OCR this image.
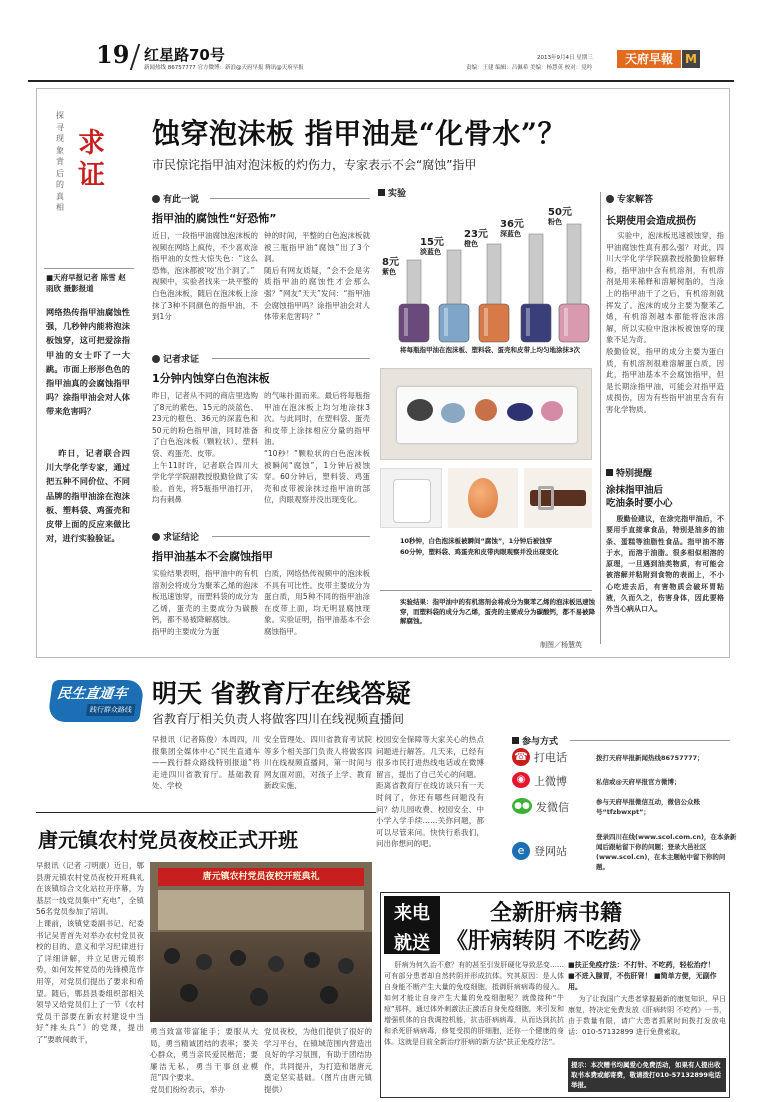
19 红星路70号
新闻热线 86757777 官方微博：新浪@天府早报 腾讯@天府早报
2013年9月4日 星期三
责编：王建 编辑：吕佩希 美编：杨慧英 校对：党吟
天府早報	M
探寻现象背后的真相
求证
■天府早报记者 陈雪 赵雨欣 摄影报道
网络热传指甲油腐蚀性强，几秒钟内能将泡沫板蚀穿，这可把爱涂指甲油的女士吓了一大跳。市面上形形色色的指甲油真的会腐蚀指甲吗？涂指甲油会对人体带来危害吗？
昨日，记者联合四川大学化学专家，通过把五种不同价位、不同品牌的指甲油涂在泡沫板、塑料袋、鸡蛋壳和皮带上面的反应来做比对，进行实验验证。
蚀穿泡沫板 指甲油是“化骨水”？
市民惊诧指甲油对泡沫板的灼伤力，专家表示不会“腐蚀”指甲
有此一说
指甲油的腐蚀性“好恐怖”
近日，一段指甲油腐蚀泡沫板的视频在网络上疯传，不少喜欢涂指甲油的女性大惊失色：“这么恐怖，泡沫都被‘咬’出个洞了。”
视频中，实验者找来一块平整的白色泡沫板，随后在泡沫板上涂抹了3种不同颜色的指甲油，不到1分
钟的时间，平整的白色泡沫板就被三瓶指甲油“腐蚀”出了3个洞。
随后有网友质疑，“会不会是劣质指甲油的腐蚀性才会那么强？”网友“天天”发问：“指甲油会腐蚀指甲吗？涂指甲油会对人体带来危害吗？”
记者求证
1分钟内蚀穿白色泡沫板
昨日，记者从不同的商店里选购了8元的紫色、15元的淡蓝色、23元的橙色、36元的深蓝色和50元的粉色指甲油，同时准备了白色泡沫板（颗粒状）、塑料袋、鸡蛋壳、皮带。
上午11时许，记者联合四川大学化学学院副教授殷勤俭做了实验。首先，将5瓶指甲油打开，均有刺鼻
的气味扑面而来。最后将每瓶指甲油在泡沫板上均匀地涂抹3次。与此同时，在塑料袋、蛋壳和皮带上涂抹相应分量的指甲油。
“10秒！”颗粒状的白色泡沫板被瞬间“腐蚀”，1分钟后被蚀穿。60分钟后，塑料袋、鸡蛋壳和皮带被涂抹过指甲油的部位，肉眼观察并没出现变化。
求证结论
指甲油基本不会腐蚀指甲
实验结果表明，指甲油中的有机溶剂会将成分为聚苯乙烯的泡沫板迅速蚀穿，而塑料袋的成分为乙烯，蛋壳的主要成分为碳酸钙，都不易被降解腐蚀。
指甲的主要成分为蛋
白质，网络热传视频中的泡沫板不具有可比性。皮带主要成分为蛋白质，用5种不同的指甲油涂在皮带上面，均无明显腐蚀现象。实验证明，指甲油基本不会腐蚀指甲。
实验
8元
紫色
15元
淡蓝色
23元
橙色
36元
深蓝色
50元
粉色
将每瓶指甲油在泡沫板、塑料袋、蛋壳和皮带上均匀地涂抹3次
10秒钟，白色泡沫板被瞬间“腐蚀”，1分钟后被蚀穿
60分钟，塑料袋、鸡蛋壳和皮带肉眼观察并没出现变化
实验结果：指甲油中的有机溶剂会将成分为聚苯乙烯的泡沫板迅速蚀穿，而塑料袋的成分为乙烯，蛋壳的主要成分为碳酸钙，都不易被降解腐蚀。
制图／杨慧英
专家解答
长期使用会造成损伤
实验中，泡沫板迅速被蚀穿，指甲油腐蚀性真有那么强？对此，四川大学化学学院副教授殷勤俭解释称，指甲油中含有机溶剂，有机溶剂是用来稀释和溶解树脂的，当涂上的指甲油干了之后，有机溶剂就挥发了。泡沫的成分主要为聚苯乙烯，有机溶剂越本都能将泡沫溶解，所以实验中泡沫板被蚀穿的现象不足为奇。
殷勤俭说，指甲的成分主要为蛋白质，有机溶剂很难溶解蛋白质，因此，指甲油基本不会腐蚀指甲，但是长期涂指甲油，可能会对指甲造成损伤，因为有些指甲油里含有有害化学物质。
特别提醒
涂抹指甲油后
吃油条时要小心
殷勤俭建议，在涂完指甲油后，不要用手直接拿食品，特别是油多的油条、蛋糕等油脂性食品。指甲油不溶于水，而溶于油脂。很多相似相溶的原理，一旦遇到油类物质，有可能会被溶解并粘附到食物的表面上，不小心吃进去后，有害物质会破坏胃粘液，久而久之，伤害身体，因此要格外当心病从口入。
民生直通车
践行群众路线
明天 省教育厅在线答疑
省教育厅相关负责人将做客四川在线视频直播间
早报讯（记者陈俊）本周四，川报集团全媒体中心“民生直通车——践行群众路线特别报道”将走进四川省教育厅。基础教育处、学校
安全管理处、四川省教育考试院等多个相关部门负责人将做客四川在线视频直播间，第一时间与网友面对面，对孩子上学、教育新政实施、
校园安全保障等大家关心的热点问题进行解答。几天来，已经有很多市民打进热线电话或在微博留言，提出了自己关心的问题。
距离省教育厅在线访谈只有一天时间了，你还有哪些问题没有问？幼儿园收费、校园安全、中小学入学手续……关你问题，都可以尽管来问。快快行系我们，问出你想问的吧。
参与方式
☎ 打电话	拨打天府早报新闻热线86757777；
◉ 上微博	私信或@天府早报官方微博；
●● 发微信	参与天府早报微信互动，微信公众账号“tfzbwxpt”；
e 登网站
登录四川在线(www.scol.com.cn)，在本条新闻后跟帖留下你的问题；登录大邑社区(www.scol.cn)，在本主题帖中留下你的问题。
唐元镇农村党员夜校正式开班
早报讯（记者 刁明康）近日，郫县唐元镇农村党员夜校开班典礼在该镇综合文化站拉开序幕，为基层一线党员集中“充电”，全镇56名党员参加了培训。
上课前，该镇党委副书记、纪委书记吴晋首先对举办农村党员夜校的目的、意义和学习纪律进行了详细讲解，并立足唐元镇形势，如何发挥党员的先锋模范作用等，对党员们提出了要求和希望。随后，郫县县委组织部相关领导又给党员们上了一节《农村党员干部要在新农村建设中当好“排头兵”》的党课，提出了“要敢闯敢干，
唐元镇农村党员夜校开班典礼
勇当致富带富能手；要服从大局，勇当精诚团结的表率；要关心群众，勇当亲民爱民楷范；要廉洁无私，勇当干事创业模范”四个要求。
党员们纷纷表示，举办
党员夜校，为他们提供了很好的学习平台，在镇域范围内营造出良好的学习氛围，有助于团结协作，共同提升，为打造和谐唐元奠定坚实基础。（图片由唐元镇提供）
来电
就送
全新肝病书籍
《肝病转阴 不吃药》
肝病为何久治不愈？有的甚至引发肝硬化导致恶变……可有部分患者却自然转阴并形成抗体。究其原因：是人体自身能不断产生大量的免疫细胞，抵御肝病病毒的侵入。如何才能让自身产生大量的免疫细胞呢？就像接种“牛痘”那样，通过体外刺激法正激活自身免疫细胞，来引发和增强机体的自我调控机能，抗击肝病病毒，从而达到抗抗和杀死肝病病毒，修复受损的肝细胞，还你一个健康的身体。这就是目前全新治疗肝病的新方法“扶正免疫疗法”。
■扶正免疫疗法：不打针、不吃药，轻松治疗！
■不进入腺胃，不伤肝肾！ ■简单方便，无副作用。
为了让我国广大患者掌握最新的康复知识，早日康复，特决定免费发放《肝病转阴 不吃药》一书，由于数量有限，请广大患者抓紧时间拨打发放电话：010-57132899 进行免费索取。
提示：本次赠书均属爱心免费活动，如果有人提出收取书本费或邮寄费，敬请拨打010-57132899电话举报。
